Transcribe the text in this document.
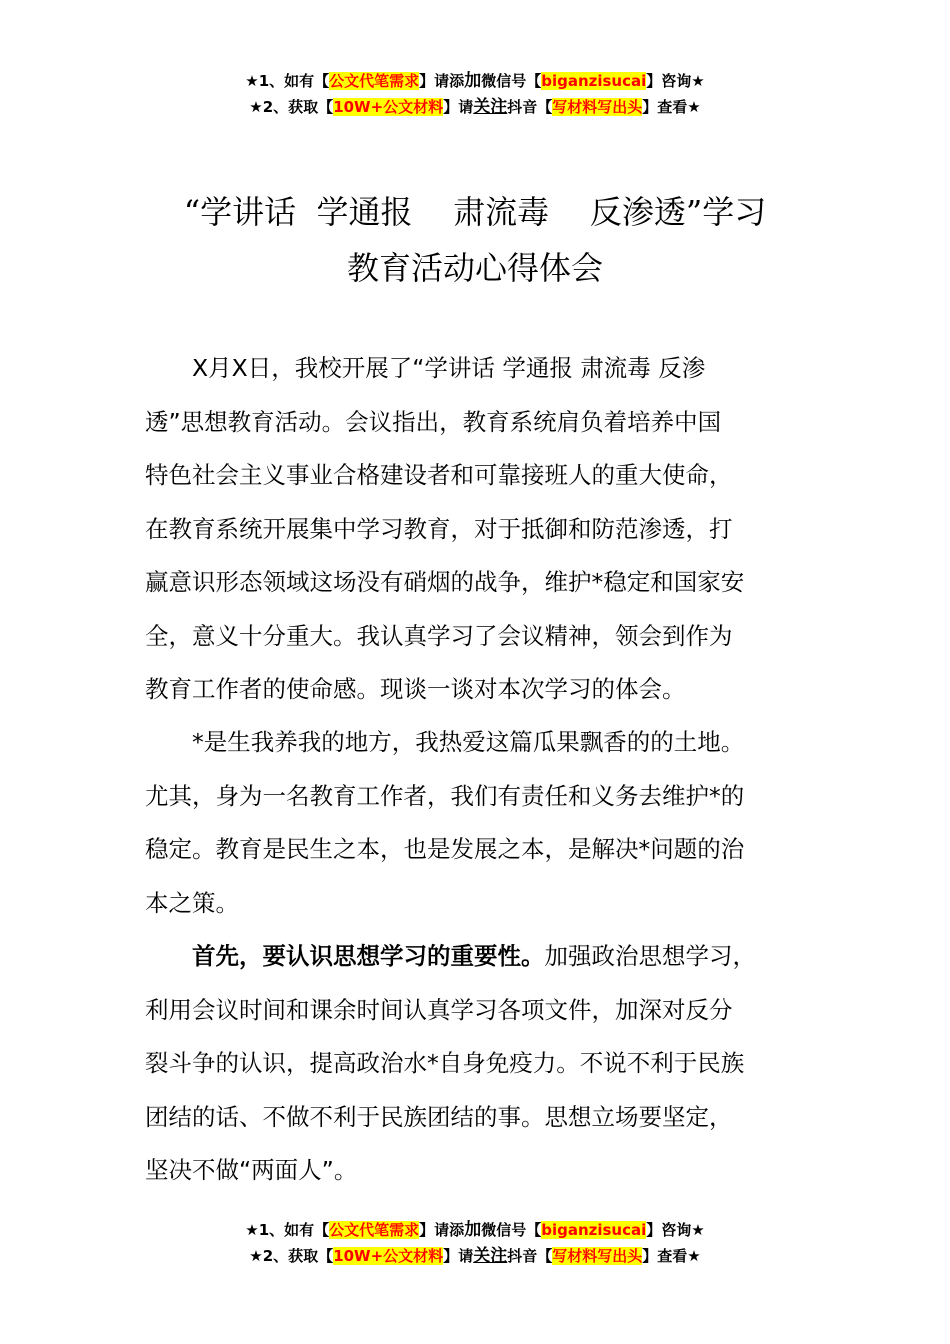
★1、如有【公文代笔需求】请添加微信号【biganzisucai】咨询★
★2、获取【10W+公文材料】请关注抖音【写材料写出头】查看★
“学讲话  学通报    肃流毒    反渗透”学习
教育活动心得体会
X月X日，我校开展了“学讲话 学通报 肃流毒 反渗
透”思想教育活动。会议指出，教育系统肩负着培养中国
特色社会主义事业合格建设者和可靠接班人的重大使命，
在教育系统开展集中学习教育，对于抵御和防范渗透，打
赢意识形态领域这场没有硝烟的战争，维护*稳定和国家安
全，意义十分重大。我认真学习了会议精神，领会到作为
教育工作者的使命感。现谈一谈对本次学习的体会。
*是生我养我的地方，我热爱这篇瓜果飘香的的土地。
尤其，身为一名教育工作者，我们有责任和义务去维护*的
稳定。教育是民生之本，也是发展之本，是解决*问题的治
本之策。
首先，要认识思想学习的重要性。加强政治思想学习，
利用会议时间和课余时间认真学习各项文件，加深对反分
裂斗争的认识，提高政治水*自身免疫力。不说不利于民族
团结的话、不做不利于民族团结的事。思想立场要坚定，
坚决不做“两面人”。
★1、如有【公文代笔需求】请添加微信号【biganzisucai】咨询★
★2、获取【10W+公文材料】请关注抖音【写材料写出头】查看★
